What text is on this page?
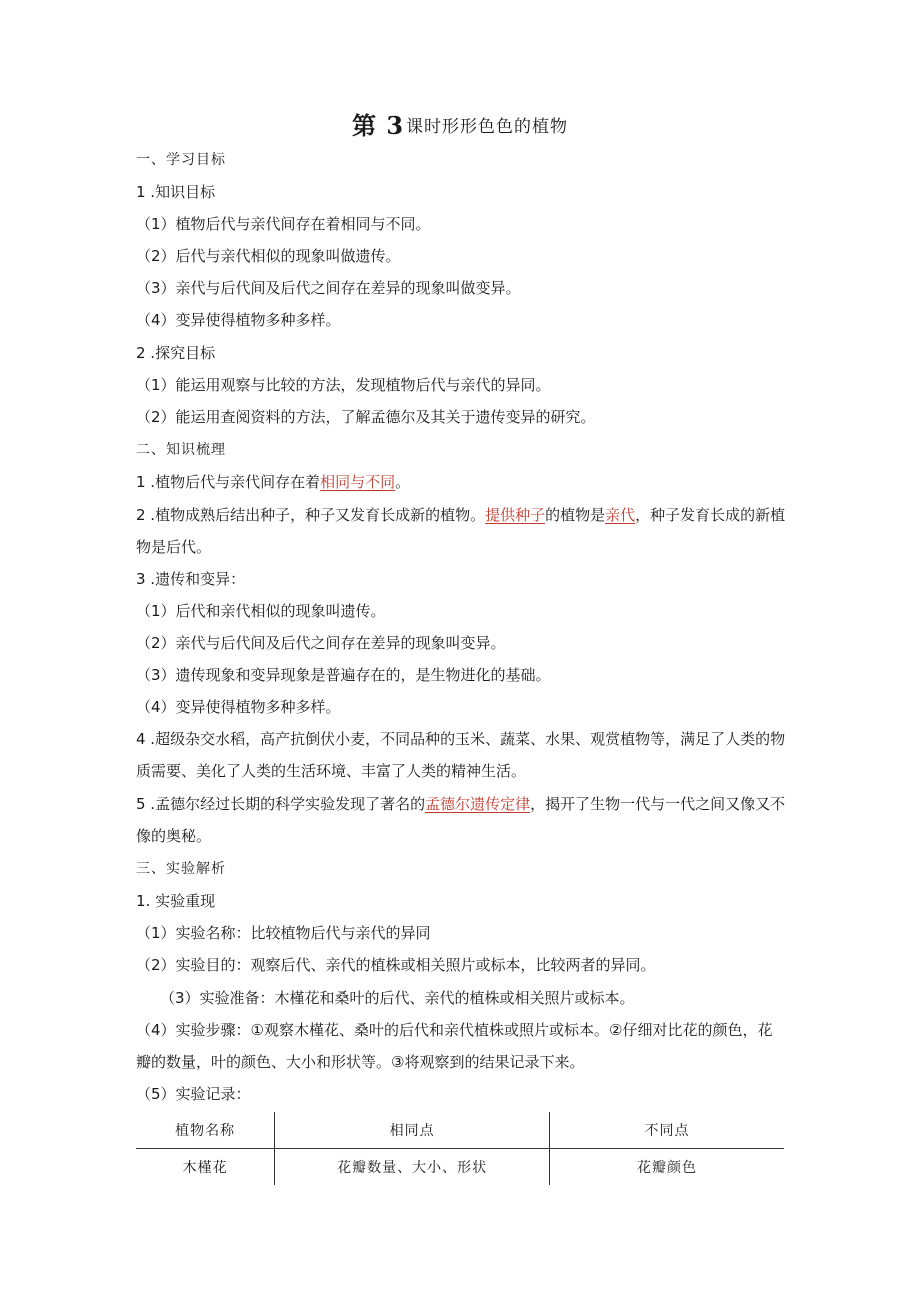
第 3 课时形形色色的植物
一、学习目标
1 .知识目标
（1）植物后代与亲代间存在着相同与不同。
（2）后代与亲代相似的现象叫做遗传。
（3）亲代与后代间及后代之间存在差异的现象叫做变异。
（4）变异使得植物多种多样。
2 .探究目标
（1）能运用观察与比较的方法，发现植物后代与亲代的异同。
（2）能运用查阅资料的方法，了解孟德尔及其关于遗传变异的研究。
二、知识梳理
1 .植物后代与亲代间存在着相同与不同。
2 .植物成熟后结出种子，种子又发育长成新的植物。提供种子的植物是亲代，种子发育长成的新植物是后代。
3 .遗传和变异：
（1）后代和亲代相似的现象叫遗传。
（2）亲代与后代间及后代之间存在差异的现象叫变异。
（3）遗传现象和变异现象是普遍存在的，是生物进化的基础。
（4）变异使得植物多种多样。
4 .超级杂交水稻，高产抗倒伏小麦，不同品种的玉米、蔬菜、水果、观赏植物等，满足了人类的物质需要、美化了人类的生活环境、丰富了人类的精神生活。
5 .孟德尔经过长期的科学实验发现了著名的孟德尔遗传定律，揭开了生物一代与一代之间又像又不像的奥秘。
三、实验解析
1. 实验重现
（1）实验名称：比较植物后代与亲代的异同
（2）实验目的：观察后代、亲代的植株或相关照片或标本，比较两者的异同。
（3）实验准备：木槿花和桑叶的后代、亲代的植株或相关照片或标本。
（4）实验步骤：①观察木槿花、桑叶的后代和亲代植株或照片或标本。②仔细对比花的颜色，花瓣的数量，叶的颜色、大小和形状等。③将观察到的结果记录下来。
（5）实验记录：
植物名称	相同点	不同点
木槿花	花瓣数量、大小、形状	花瓣颜色
